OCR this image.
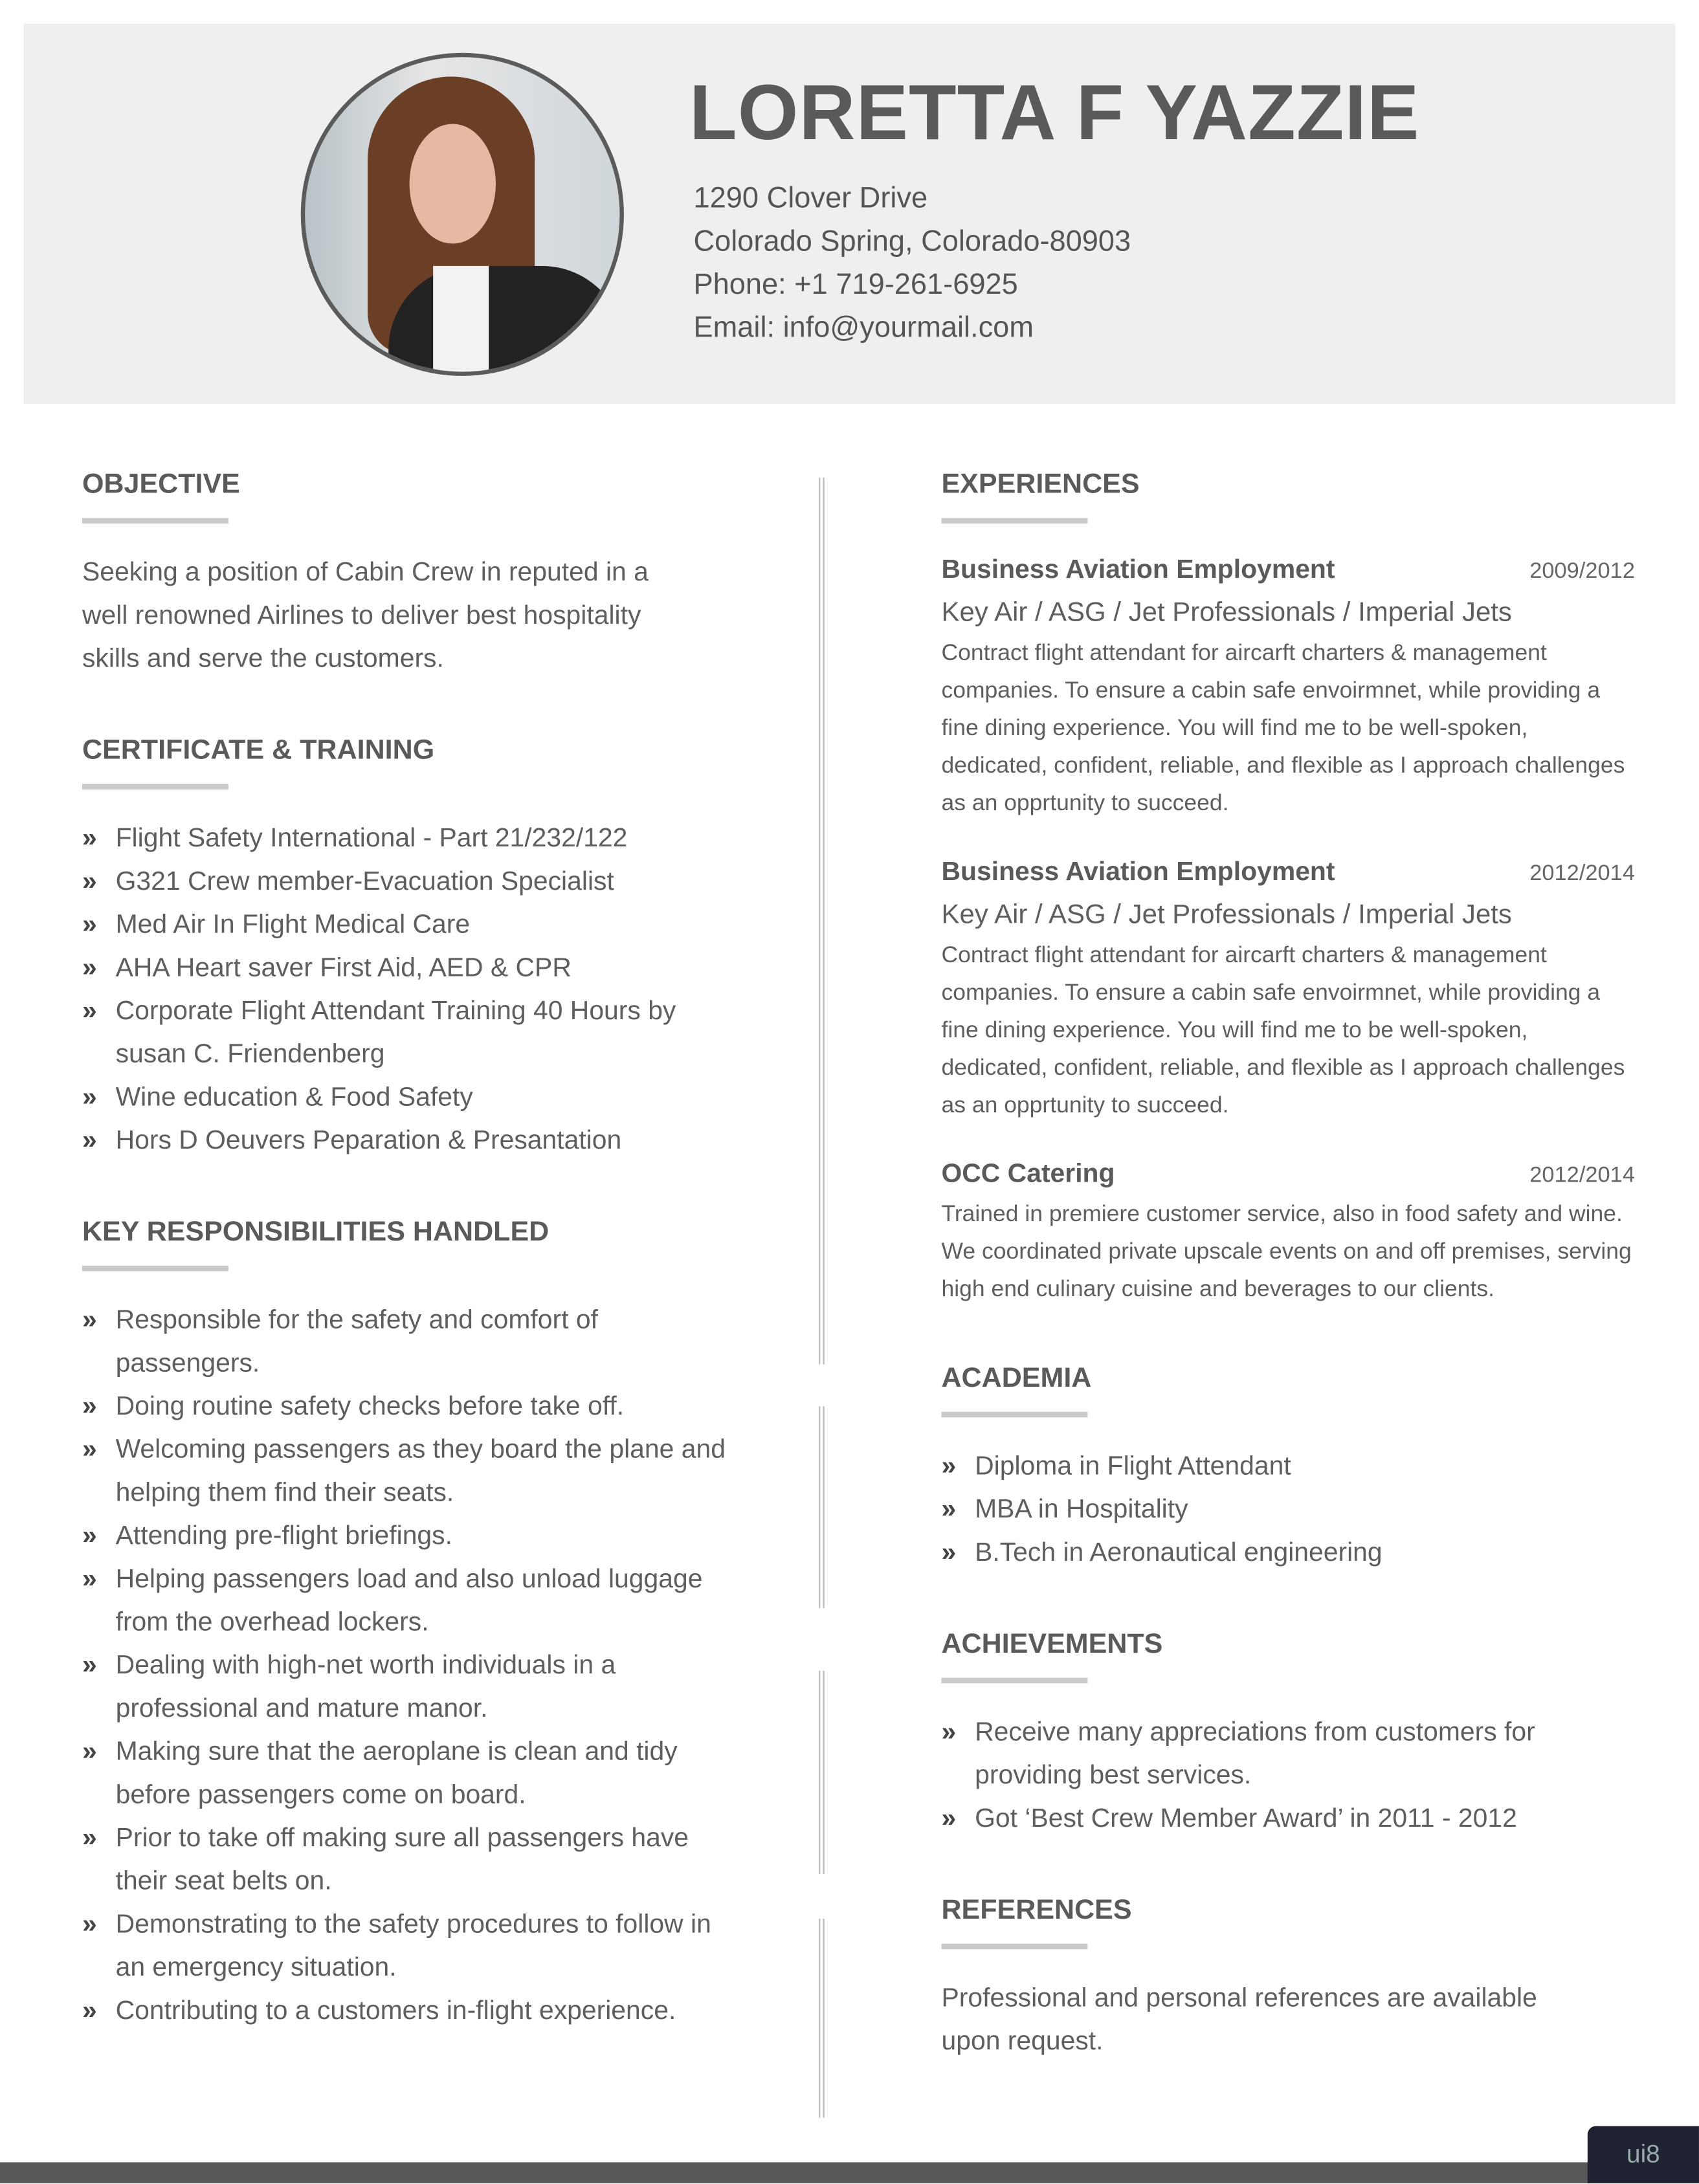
LORETTA F YAZZIE
1290 Clover Drive
Colorado Spring, Colorado-80903
Phone: +1 719-261-6925
Email: info@yourmail.com
OBJECTIVE
Seeking a position of Cabin Crew in reputed in a well renowned Airlines to deliver best hospitality skills and serve the customers.
CERTIFICATE & TRAINING
» Flight Safety International - Part 21/232/122
» G321 Crew member-Evacuation Specialist
» Med Air In Flight Medical Care
» AHA Heart saver First Aid, AED & CPR
» Corporate Flight Attendant Training 40 Hours by susan C. Friendenberg
» Wine education & Food Safety
» Hors D Oeuvers Peparation & Presantation
KEY RESPONSIBILITIES HANDLED
» Responsible for the safety and comfort of passengers.
» Doing routine safety checks before take off.
» Welcoming passengers as they board the plane and helping them find their seats.
» Attending pre-flight briefings.
» Helping passengers load and also unload luggage from the overhead lockers.
» Dealing with high-net worth individuals in a professional and mature manor.
» Making sure that the aeroplane is clean and tidy before passengers come on board.
» Prior to take off making sure all passengers have their seat belts on.
» Demonstrating to the safety procedures to follow in an emergency situation.
» Contributing to a customers in-flight experience.
EXPERIENCES
Business Aviation Employment	2009/2012
Key Air / ASG / Jet Professionals / Imperial Jets
Contract flight attendant for aircarft charters & management companies. To ensure a cabin safe envoirmnet, while providing a fine dining experience. You will find me to be well-spoken, dedicated, confident, reliable, and flexible as I approach challenges as an opprtunity to succeed.
Business Aviation Employment	2012/2014
Key Air / ASG / Jet Professionals / Imperial Jets
Contract flight attendant for aircarft charters & management companies. To ensure a cabin safe envoirmnet, while providing a fine dining experience. You will find me to be well-spoken, dedicated, confident, reliable, and flexible as I approach challenges as an opprtunity to succeed.
OCC Catering	2012/2014
Trained in premiere customer service, also in food safety and wine. We coordinated private upscale events on and off premises, serving high end culinary cuisine and beverages to our clients.
ACADEMIA
» Diploma in Flight Attendant
» MBA in Hospitality
» B.Tech in Aeronautical engineering
ACHIEVEMENTS
» Receive many appreciations from customers for providing best services.
» Got ‘Best Crew Member Award’ in 2011 - 2012
REFERENCES
Professional and personal references are available upon request.
ui8
